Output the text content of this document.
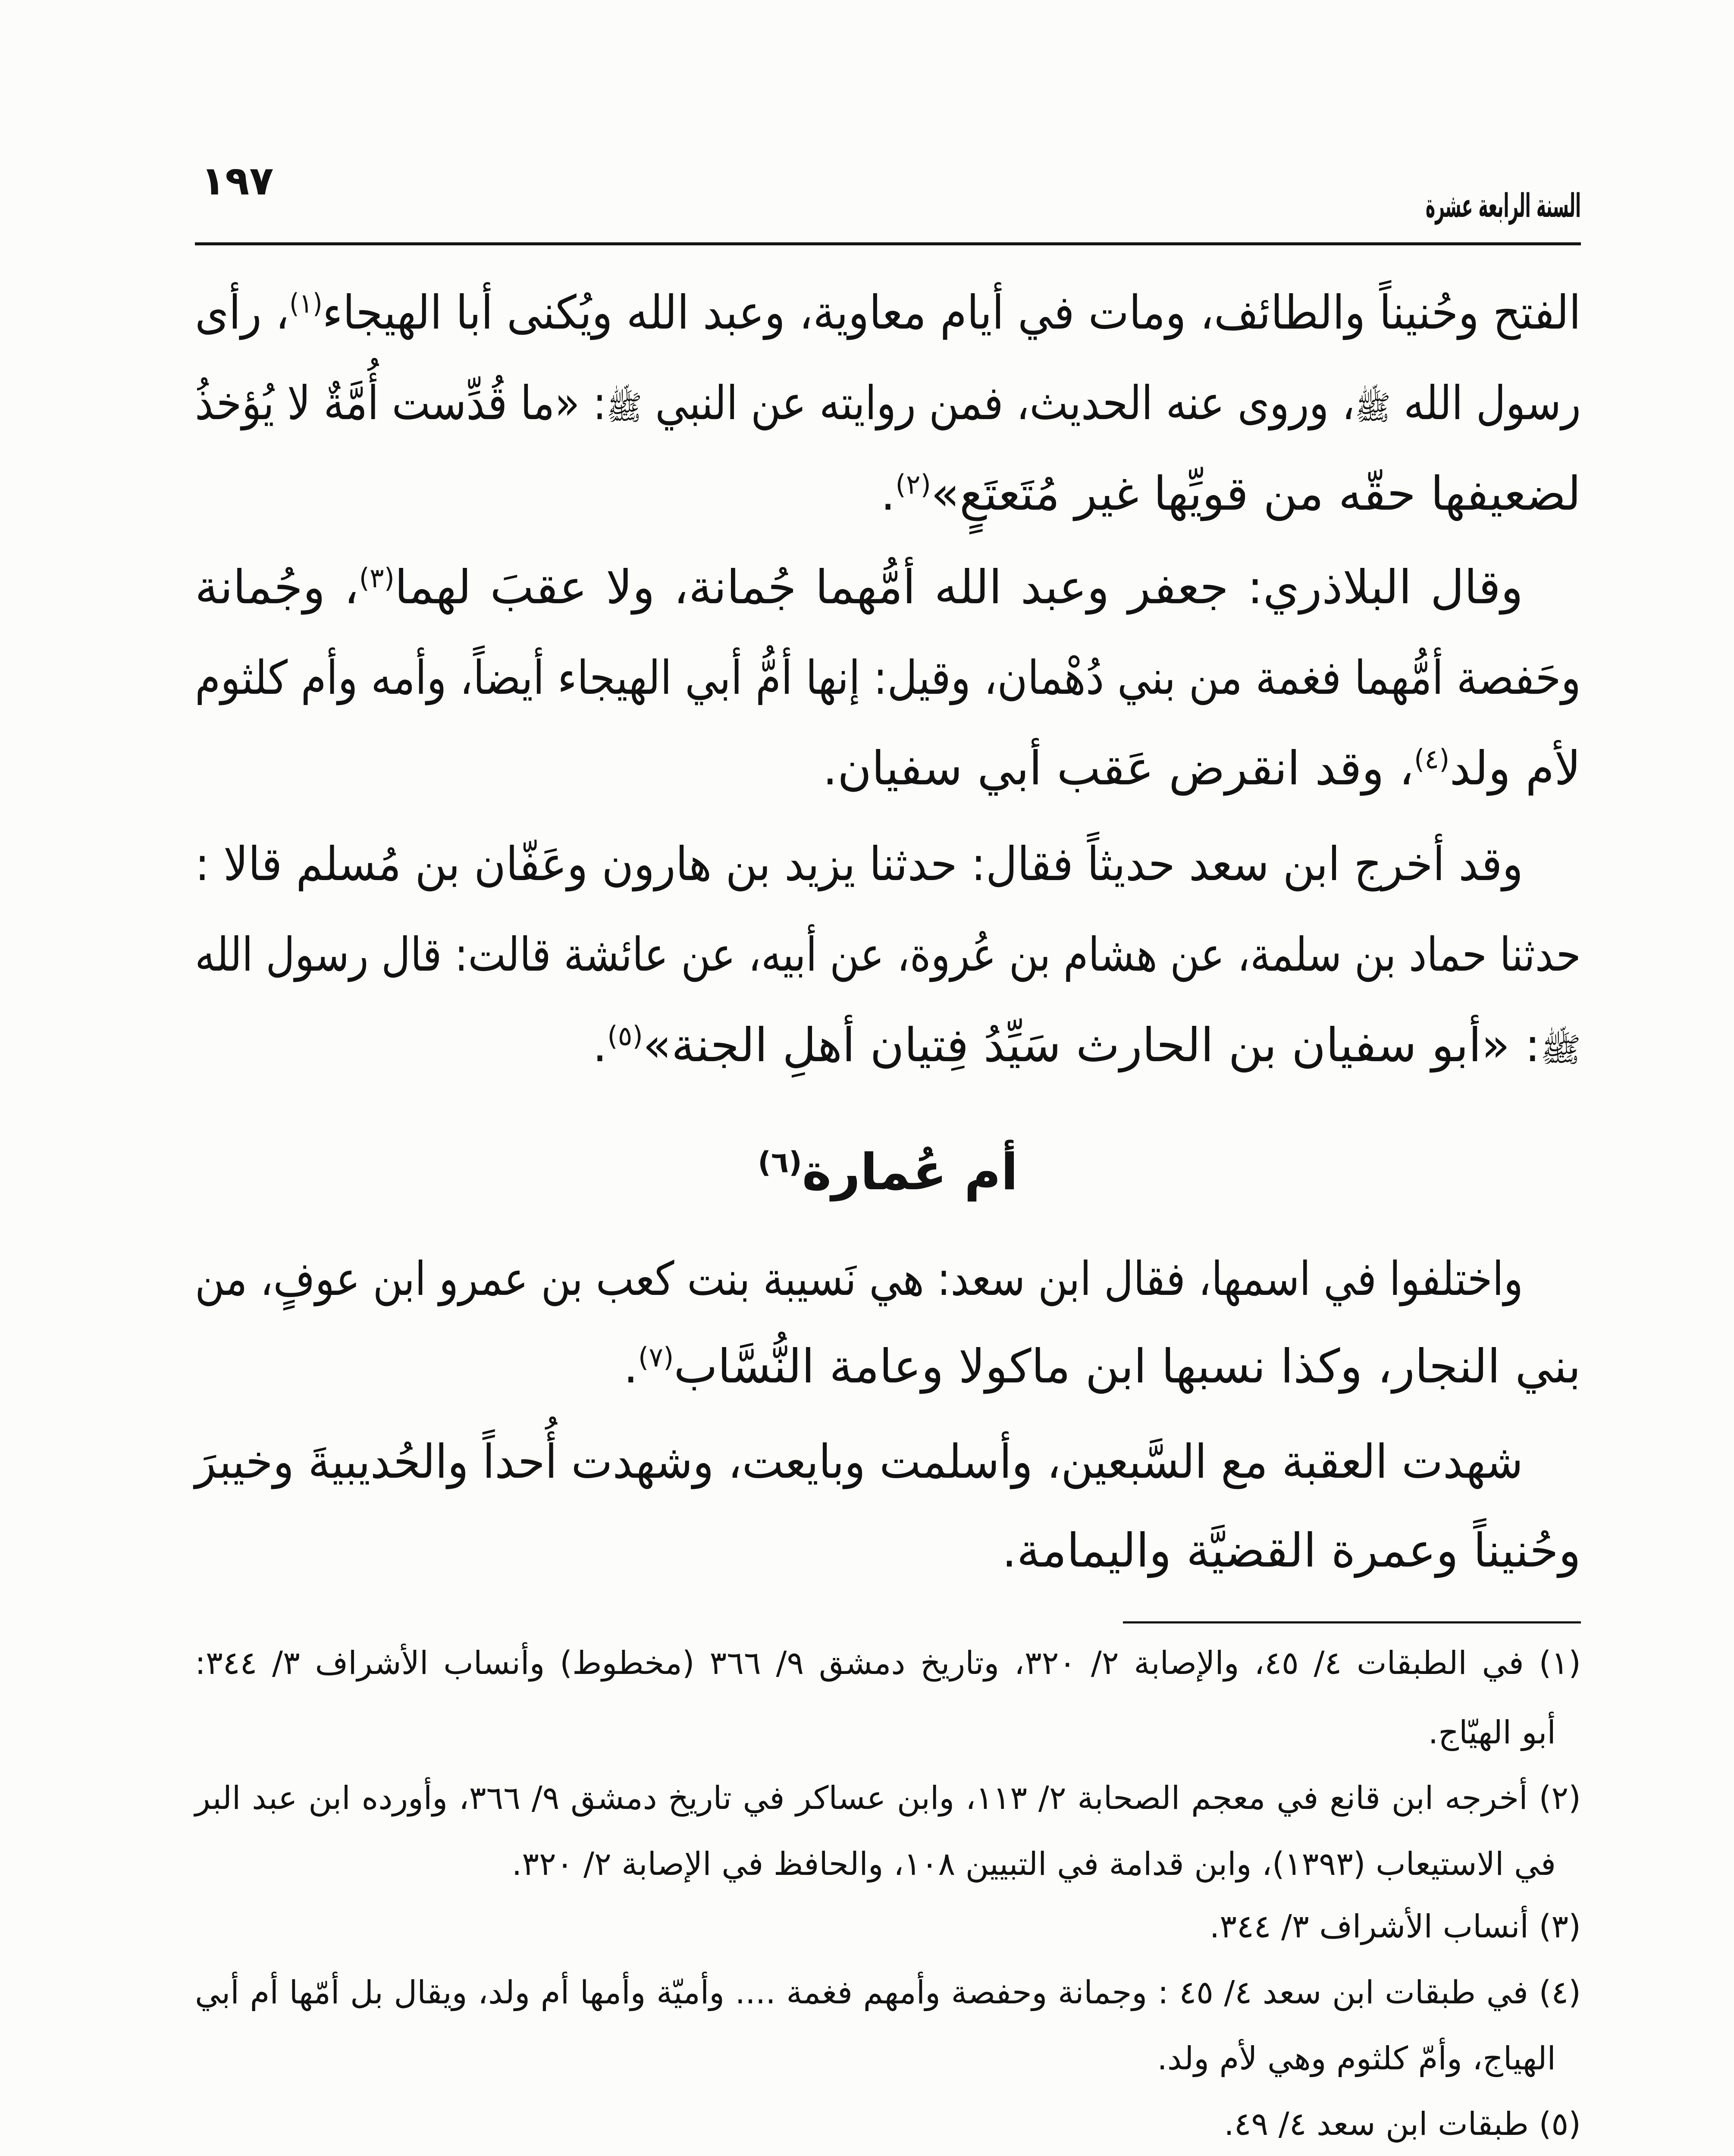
السنة الرابعة عشرة
١٩٧
الفتح وحُنيناً والطائف، ومات في أيام معاوية، وعبد الله ويُكنى أبا الهيجاء$^{(١)}$، رأى
رسول الله ﷺ، وروى عنه الحديث، فمن روايته عن النبي ﷺ: «ما قُدِّست أُمَّةٌ لا يُؤخذُ
لضعيفها حقّه من قويِّها غير مُتَعتَعٍ»$^{(٢)}$.
وقال البلاذري: جعفر وعبد الله أمُّهما جُمانة، ولا عقبَ لهما$^{(٣)}$، وجُمانة
وحَفصة أمُّهما فغمة من بني دُهْمان، وقيل: إنها أمُّ أبي الهيجاء أيضاً، وأمه وأم كلثوم
لأم ولد$^{(٤)}$، وقد انقرض عَقب أبي سفيان.
وقد أخرج ابن سعد حديثاً فقال: حدثنا يزيد بن هارون وعَفّان بن مُسلم قالا :
حدثنا حماد بن سلمة، عن هشام بن عُروة، عن أبيه، عن عائشة قالت: قال رسول الله
ﷺ: «أبو سفيان بن الحارث سَيِّدُ فِتيان أهلِ الجنة»$^{(٥)}$.
أم عُمارة$^{(٦)}$
واختلفوا في اسمها، فقال ابن سعد: هي نَسيبة بنت كعب بن عمرو ابن عوفٍ، من
بني النجار، وكذا نسبها ابن ماكولا وعامة النُّسَّاب$^{(٧)}$.
شهدت العقبة مع السَّبعين، وأسلمت وبايعت، وشهدت أُحداً والحُديبيةَ وخيبرَ
وحُنيناً وعمرة القضيَّة واليمامة.
(١) في الطبقات ٤/ ٤٥، والإصابة ٢/ ٣٢٠، وتاريخ دمشق ٩/ ٣٦٦ (مخطوط) وأنساب الأشراف ٣/ ٣٤٤:
أبو الهيّاج.
(٢) أخرجه ابن قانع في معجم الصحابة ٢/ ١١٣، وابن عساكر في تاريخ دمشق ٩/ ٣٦٦، وأورده ابن عبد البر
في الاستيعاب (١٣٩٣)، وابن قدامة في التبيين ١٠٨، والحافظ في الإصابة ٢/ ٣٢٠.
(٣) أنساب الأشراف ٣/ ٣٤٤.
(٤) في طبقات ابن سعد ٤/ ٤٥ : وجمانة وحفصة وأمهم فغمة .... وأميّة وأمها أم ولد، ويقال بل أمّها أم أبي
الهياج، وأمّ كلثوم وهي لأم ولد.
(٥) طبقات ابن سعد ٤/ ٤٩.
